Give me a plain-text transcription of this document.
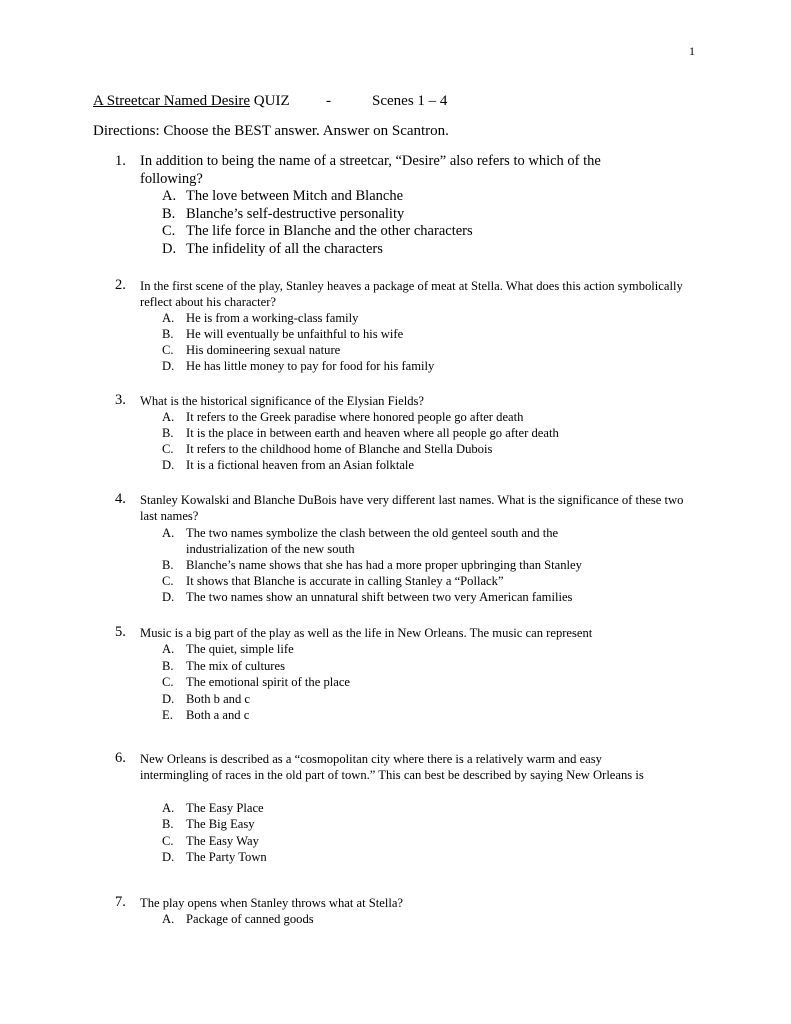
1
A Streetcar Named Desire QUIZ -	Scenes 1 – 4
Directions: Choose the BEST answer. Answer on Scantron.
1. In addition to being the name of a streetcar, “Desire” also refers to which of the following?
A. The love between Mitch and Blanche
B. Blanche’s self-destructive personality
C. The life force in Blanche and the other characters
D. The infidelity of all the characters
2. In the first scene of the play, Stanley heaves a package of meat at Stella. What does this action symbolically reflect about his character?
A. He is from a working-class family
B. He will eventually be unfaithful to his wife
C. His domineering sexual nature
D. He has little money to pay for food for his family
3. What is the historical significance of the Elysian Fields?
A. It refers to the Greek paradise where honored people go after death
B. It is the place in between earth and heaven where all people go after death
C. It refers to the childhood home of Blanche and Stella Dubois
D. It is a fictional heaven from an Asian folktale
4. Stanley Kowalski and Blanche DuBois have very different last names. What is the significance of these two last names?
A. The two names symbolize the clash between the old genteel south and the industrialization of the new south
B. Blanche’s name shows that she has had a more proper upbringing than Stanley
C. It shows that Blanche is accurate in calling Stanley a “Pollack”
D. The two names show an unnatural shift between two very American families
5. Music is a big part of the play as well as the life in New Orleans. The music can represent
A. The quiet, simple life
B. The mix of cultures
C. The emotional spirit of the place
D. Both b and c
E. Both a and c
6. New Orleans is described as a “cosmopolitan city where there is a relatively warm and easy intermingling of races in the old part of town.” This can best be described by saying New Orleans is
A. The Easy Place
B. The Big Easy
C. The Easy Way
D. The Party Town
7. The play opens when Stanley throws what at Stella?
A. Package of canned goods
